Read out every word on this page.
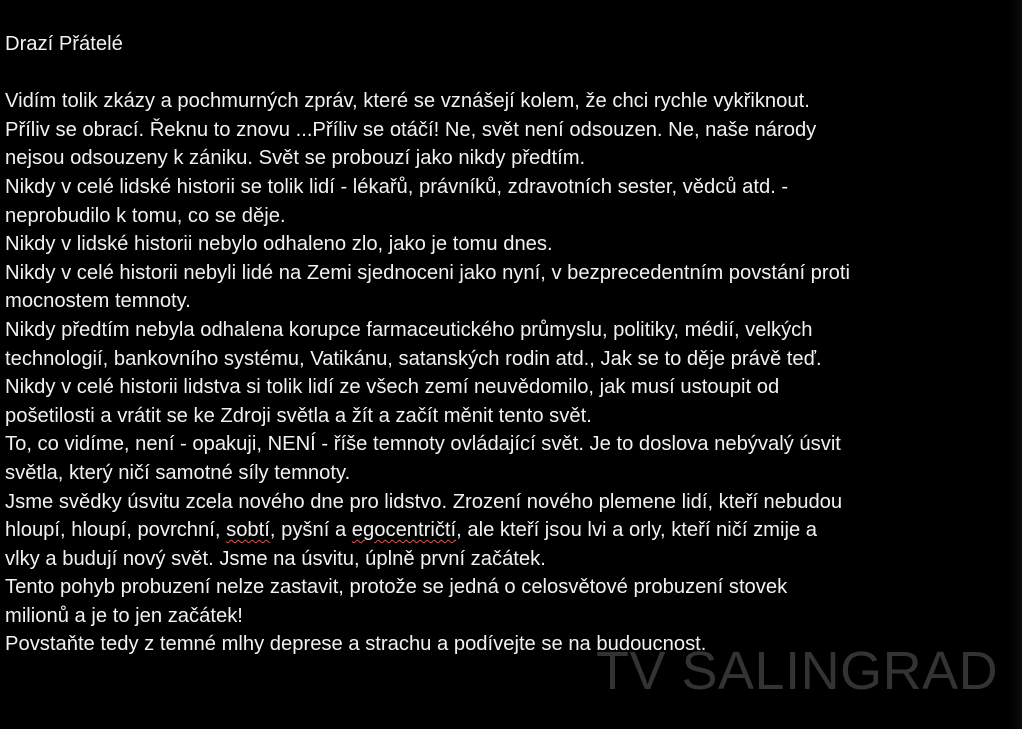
Drazí Přátelé

Vidím tolik zkázy a pochmurných zpráv, které se vznášejí kolem, že chci rychle vykřiknout.

Příliv se obrací. Řeknu to znovu ...Příliv se otáčí! Ne, svět není odsouzen. Ne, naše národy

nejsou odsouzeny k zániku. Svět se probouzí jako nikdy předtím.

Nikdy v celé lidské historii se tolik lidí - lékařů, právníků, zdravotních sester, vědců atd. -

neprobudilo k tomu, co se děje.

Nikdy v lidské historii nebylo odhaleno zlo, jako je tomu dnes.

Nikdy v celé historii nebyli lidé na Zemi sjednoceni jako nyní, v bezprecedentním povstání proti

mocnostem temnoty.

Nikdy předtím nebyla odhalena korupce farmaceutického průmyslu, politiky, médií, velkých

technologií, bankovního systému, Vatikánu, satanských rodin atd., Jak se to děje právě teď.

Nikdy v celé historii lidstva si tolik lidí ze všech zemí neuvědomilo, jak musí ustoupit od

pošetilosti a vrátit se ke Zdroji světla a žít a začít měnit tento svět.

To, co vidíme, není - opakuji, NENÍ - říše temnoty ovládající svět. Je to doslova nebývalý úsvit

světla, který ničí samotné síly temnoty.

Jsme svědky úsvitu zcela nového dne pro lidstvo. Zrození nového plemene lidí, kteří nebudou

hloupí, hloupí, povrchní, sobtí, pyšní a egocentričtí, ale kteří jsou lvi a orly, kteří ničí zmije a

vlky a budují nový svět. Jsme na úsvitu, úplně první začátek.

Tento pohyb probuzení nelze zastavit, protože se jedná o celosvětové probuzení stovek

milionů a je to jen začátek!

Povstaňte tedy z temné mlhy deprese a strachu a podívejte se na budoucnost.

TV SALINGRAD
